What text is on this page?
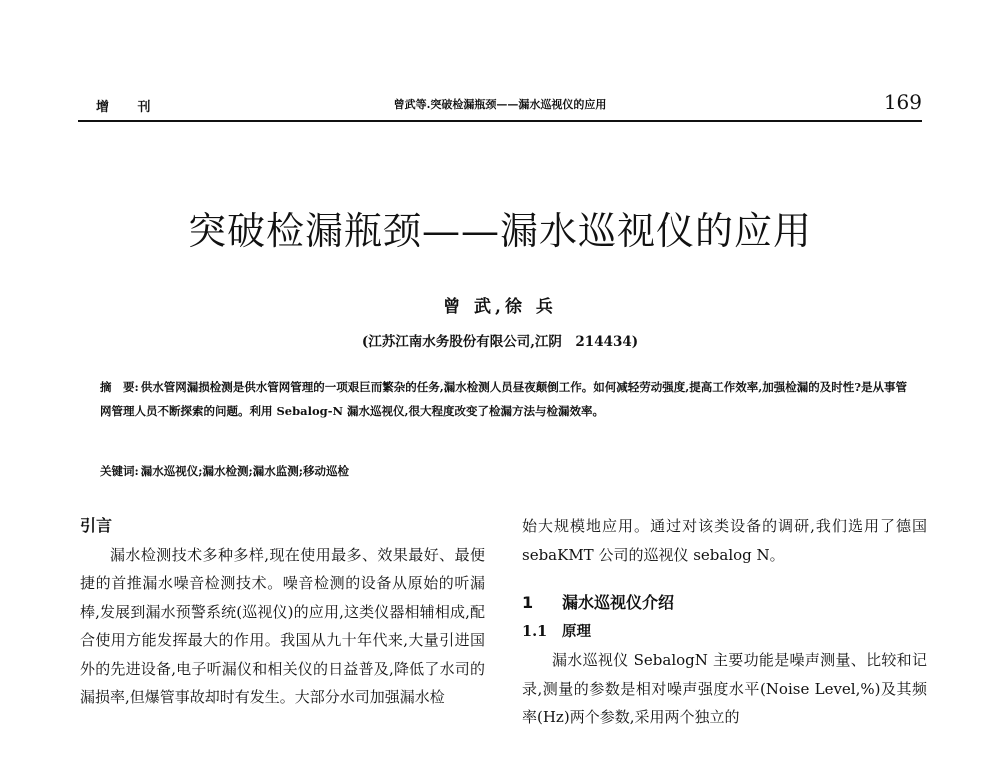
增 刊	曾武等.突破检漏瓶颈——漏水巡视仪的应用	169
突破检漏瓶颈——漏水巡视仪的应用
曾 武,徐 兵
(江苏江南水务股份有限公司,江阴　214434)

摘　要: 供水管网漏损检测是供水管网管理的一项艰巨而繁杂的任务,漏水检测人员昼夜颠倒工作。如何减轻劳动强度,提高工作效率,加强检漏的及时性?是从事管网管理人员不断探索的问题。利用 Sebalog-N 漏水巡视仪,很大程度改变了检漏方法与检漏效率。

关键词: 漏水巡视仪;漏水检测;漏水监测;移动巡检
引言

漏水检测技术多种多样,现在使用最多、效果最好、最便捷的首推漏水噪音检测技术。噪音检测的设备从原始的听漏棒,发展到漏水预警系统(巡视仪)的应用,这类仪器相辅相成,配合使用方能发挥最大的作用。我国从九十年代来,大量引进国外的先进设备,电子听漏仪和相关仪的日益普及,降低了水司的漏损率,但爆管事故却时有发生。大部分水司加强漏水检

始大规模地应用。通过对该类设备的调研,我们选用了德国 sebaKMT 公司的巡视仪 sebalog N。

1 漏水巡视仪介绍
1.1 原理

漏水巡视仪 SebalogN 主要功能是噪声测量、比较和记录,测量的参数是相对噪声强度水平(Noise Level,%)及其频率(Hz)两个参数,采用两个独立的
